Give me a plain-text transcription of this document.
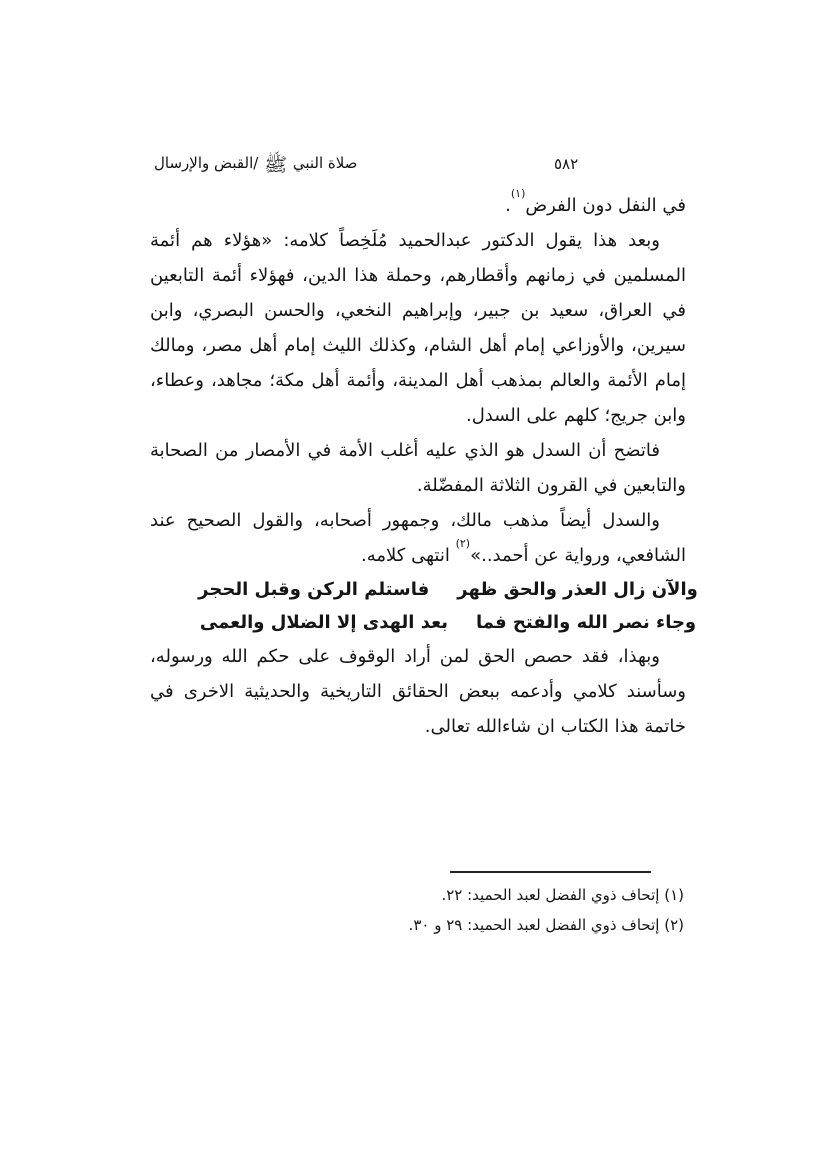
صلاة النبي ﷺ /القبض والإرسال	٥٨٢

في النفل دون الفرض$^{(١)}$.

وبعد هذا يقول الدكتور عبدالحميد مُلَخِصاً كلامه: «هؤلاء هم أئمة المسلمين في زمانهم وأقطارهم، وحملة هذا الدين، فهؤلاء أئمة التابعين في العراق، سعيد بن جبير، وإبراهيم النخعي، والحسن البصري، وابن سيرين، والأوزاعي إمام أهل الشام، وكذلك الليث إمام أهل مصر، ومالك إمام الأئمة والعالم بمذهب أهل المدينة، وأئمة أهل مكة؛ مجاهد، وعطاء، وابن جريج؛ كلهم على السدل.

فاتضح أن السدل هو الذي عليه أغلب الأمة في الأمصار من الصحابة والتابعين في القرون الثلاثة المفضّلة.

والسدل أيضاً مذهب مالك، وجمهور أصحابه، والقول الصحيح عند الشافعي، ورواية عن أحمد..»$^{(٢)}$ انتهى كلامه.

والآن زال العذر والحق ظهر
فاستلم الركن وقبل الحجر
وجاء نصر الله والفتح فما
بعد الهدى إلا الضلال والعمى

وبهذا، فقد حصص الحق لمن أراد الوقوف على حكم الله ورسوله، وسأسند كلامي وأدعمه ببعض الحقائق التاريخية والحديثية الاخرى في خاتمة هذا الكتاب ان شاءالله تعالى.

(١) إتحاف ذوي الفضل لعبد الحميد: ٢٢.

(٢) إتحاف ذوي الفضل لعبد الحميد: ٢٩ و ٣٠.
